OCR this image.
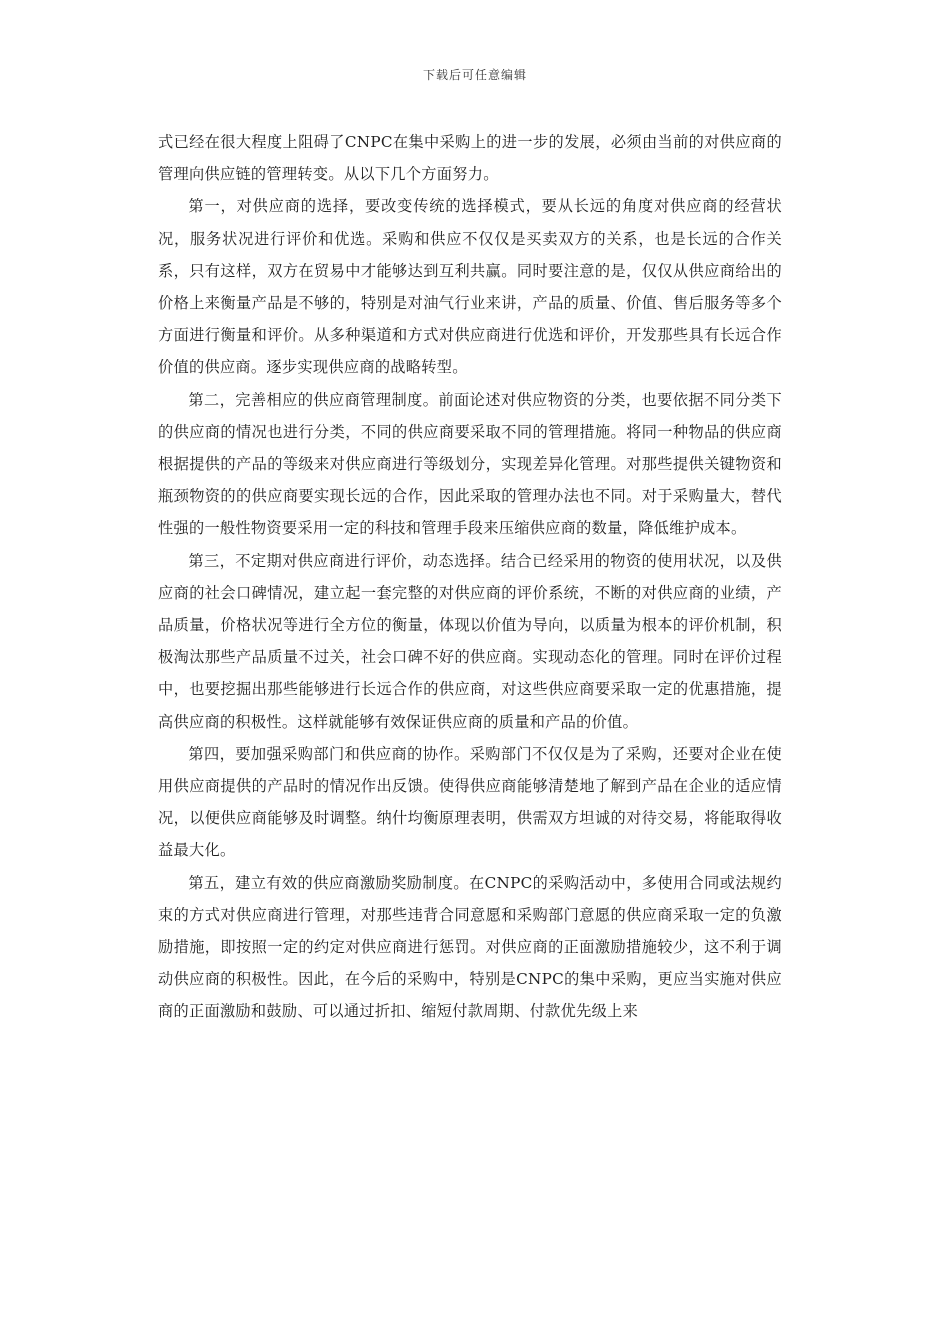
下载后可任意编辑

式已经在很大程度上阻碍了CNPC在集中采购上的进一步的发展，必须由当前的对供应商的管理向供应链的管理转变。从以下几个方面努力。

第一，对供应商的选择，要改变传统的选择模式，要从长远的角度对供应商的经营状况，服务状况进行评价和优选。采购和供应不仅仅是买卖双方的关系，也是长远的合作关系，只有这样，双方在贸易中才能够达到互利共赢。同时要注意的是，仅仅从供应商给出的价格上来衡量产品是不够的，特别是对油气行业来讲，产品的质量、价值、售后服务等多个方面进行衡量和评价。从多种渠道和方式对供应商进行优选和评价，开发那些具有长远合作价值的供应商。逐步实现供应商的战略转型。

第二，完善相应的供应商管理制度。前面论述对供应物资的分类，也要依据不同分类下的供应商的情况也进行分类，不同的供应商要采取不同的管理措施。将同一种物品的供应商根据提供的产品的等级来对供应商进行等级划分，实现差异化管理。对那些提供关键物资和瓶颈物资的的供应商要实现长远的合作，因此采取的管理办法也不同。对于采购量大，替代性强的一般性物资要采用一定的科技和管理手段来压缩供应商的数量，降低维护成本。

第三，不定期对供应商进行评价，动态选择。结合已经采用的物资的使用状况，以及供应商的社会口碑情况，建立起一套完整的对供应商的评价系统，不断的对供应商的业绩，产品质量，价格状况等进行全方位的衡量，体现以价值为导向，以质量为根本的评价机制，积极淘汰那些产品质量不过关，社会口碑不好的供应商。实现动态化的管理。同时在评价过程中，也要挖掘出那些能够进行长远合作的供应商，对这些供应商要采取一定的优惠措施，提高供应商的积极性。这样就能够有效保证供应商的质量和产品的价值。

第四，要加强采购部门和供应商的协作。采购部门不仅仅是为了采购，还要对企业在使用供应商提供的产品时的情况作出反馈。使得供应商能够清楚地了解到产品在企业的适应情况，以便供应商能够及时调整。纳什均衡原理表明，供需双方坦诚的对待交易，将能取得收益最大化。

第五，建立有效的供应商激励奖励制度。在CNPC的采购活动中，多使用合同或法规约束的方式对供应商进行管理，对那些违背合同意愿和采购部门意愿的供应商采取一定的负激励措施，即按照一定的约定对供应商进行惩罚。对供应商的正面激励措施较少，这不利于调动供应商的积极性。因此，在今后的采购中，特别是CNPC的集中采购，更应当实施对供应商的正面激励和鼓励、可以通过折扣、缩短付款周期、付款优先级上来
